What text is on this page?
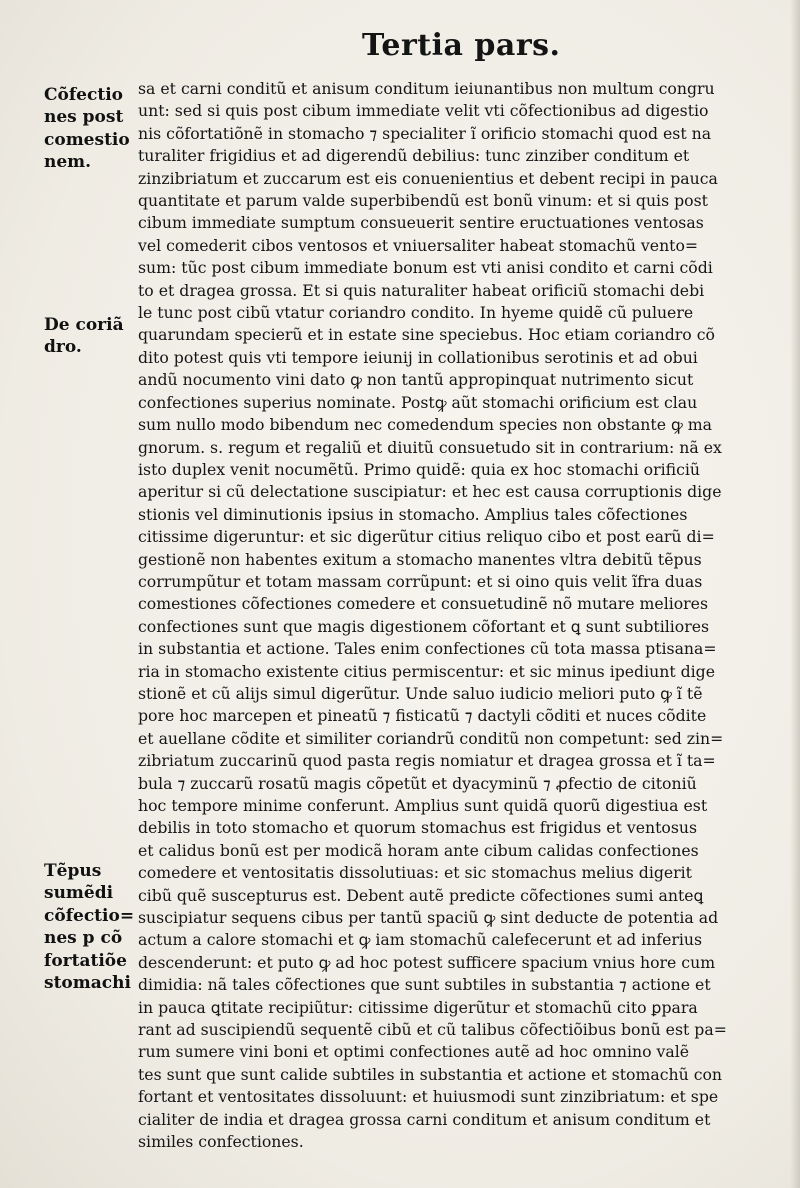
Tertia pars.
Cõfectio
nes post
comestio
nem.
De coriã
dro.
Tẽpus
sumẽdi
cõfectio=
nes p cõ
fortatiõe
stomachi
sa et carni conditũ et anisum conditum ieiunantibus non multum congru
unt: sed si quis post cibum immediate velit vti cõfectionibus ad digestio
nis cõfortatiõnẽ in stomacho ⁊ specialiter ĩ orificio stomachi quod est na
turaliter frigidius et ad digerendũ debilius: tunc zinziber conditum et
zinzibriatum et zuccarum est eis conuenientius et debent recipi in pauca
quantitate et parum valde superbibendũ est bonũ vinum: et si quis post
cibum immediate sumptum consueuerit sentire eructuationes ventosas
vel comederit cibos ventosos et vniuersaliter habeat stomachũ vento=
sum: tũc post cibum immediate bonum est vti anisi condito et carni cõdi
to et dragea grossa. Et si quis naturaliter habeat orificiũ stomachi debi
le tunc post cibũ vtatur coriandro condito. In hyeme quidẽ cũ puluere
quarundam specierũ et in estate sine speciebus. Hoc etiam coriandro cõ
dito potest quis vti tempore ieiunij in collationibus serotinis et ad obui
andũ nocumento vini dato ꝙ non tantũ appropinquat nutrimento sicut
confectiones superius nominate. Postꝙ aũt stomachi orificium est clau
sum nullo modo bibendum nec comedendum species non obstante ꝙ ma
gnorum. s. regum et regaliũ et diuitũ consuetudo sit in contrarium: nã ex
isto duplex venit nocumẽtũ. Primo quidẽ: quia ex hoc stomachi orificiũ
aperitur si cũ delectatione suscipiatur: et hec est causa corruptionis dige
stionis vel diminutionis ipsius in stomacho. Amplius tales cõfectiones
citissime digeruntur: et sic digerũtur citius reliquo cibo et post earũ di=
gestionẽ non habentes exitum a stomacho manentes vltra debitũ tẽpus
corrumpũtur et totam massam corrũpunt: et si oino quis velit ĩfra duas
comestiones cõfectiones comedere et consuetudinẽ nõ mutare meliores
confectiones sunt que magis digestionem cõfortant et ꝗ sunt subtiliores
in substantia et actione. Tales enim confectiones cũ tota massa ptisana=
ria in stomacho existente citius permiscentur: et sic minus ipediunt dige
stionẽ et cũ alijs simul digerũtur. Unde saluo iudicio meliori puto ꝙ ĩ tẽ
pore hoc marcepen et pineatũ ⁊ fisticatũ ⁊ dactyli cõditi et nuces cõdite
et auellane cõdite et similiter coriandrũ conditũ non competunt: sed zin=
zibriatum zuccarinũ quod pasta regis nomiatur et dragea grossa et ĩ ta=
bula ⁊ zuccarũ rosatũ magis cõpetũt et dyacyminũ ⁊ ꝓfectio de citoniũ
hoc tempore minime conferunt. Amplius sunt quidã quorũ digestiua est
debilis in toto stomacho et quorum stomachus est frigidus et ventosus
et calidus bonũ est per modicã horam ante cibum calidas confectiones
comedere et ventositatis dissolutiuas: et sic stomachus melius digerit
cibũ quẽ suscepturus est. Debent autẽ predicte cõfectiones sumi anteꝗ
suscipiatur sequens cibus per tantũ spaciũ ꝙ sint deducte de potentia ad
actum a calore stomachi et ꝙ iam stomachũ calefecerunt et ad inferius
descenderunt: et puto ꝙ ad hoc potest sufficere spacium vnius hore cum
dimidia: nã tales cõfectiones que sunt subtiles in substantia ⁊ actione et
in pauca ꝗtitate recipiũtur: citissime digerũtur et stomachũ cito ꝑpara
rant ad suscipiendũ sequentẽ cibũ et cũ talibus cõfectiõibus bonũ est pa=
rum sumere vini boni et optimi confectiones autẽ ad hoc omnino valẽ
tes sunt que sunt calide subtiles in substantia et actione et stomachũ con
fortant et ventositates dissoluunt: et huiusmodi sunt zinzibriatum: et spe
cialiter de india et dragea grossa carni conditum et anisum conditum et
similes confectiones.
